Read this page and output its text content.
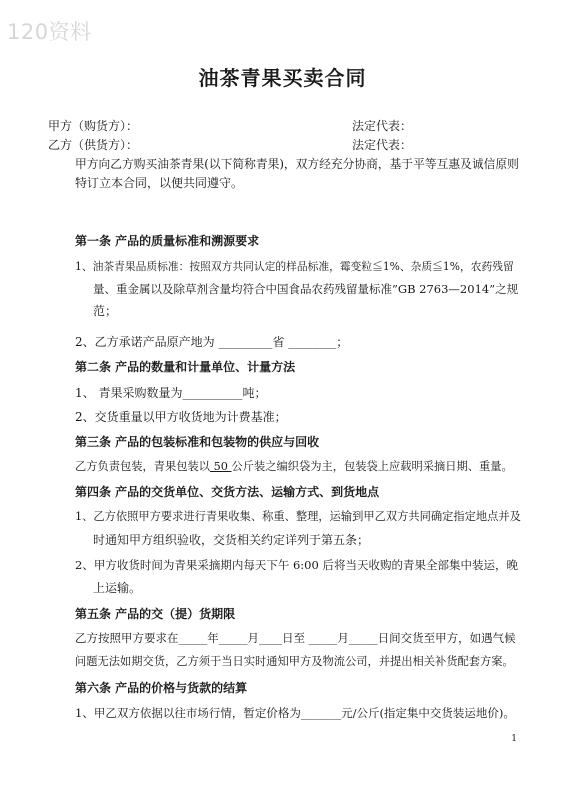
120资料
油茶青果买卖合同
甲方（购货方）：	法定代表：
乙方（供货方）：	法定代表：
甲方向乙方购买油茶青果(以下简称青果)，双方经充分协商，基于平等互惠及诚信原则
特订立本合同，以便共同遵守。
第一条 产品的质量标准和溯源要求
1、油茶青果品质标准：按照双方共同认定的样品标准，霉变粒≦1%、杂质≦1%，农药残留
量、重金属以及除草剂含量均符合中国食品农药残留量标准”GB 2763—2014”之规
范；
2、乙方承诺产品原产地为 _________省 ________；
第二条 产品的数量和计量单位、计量方法
1、 青果采购数量为__________吨；
2、交货重量以甲方收货地为计费基准；
第三条 产品的包装标准和包装物的供应与回收
乙方负责包装，青果包装以 50 公斤装之编织袋为主，包装袋上应载明采摘日期、重量。
第四条 产品的交货单位、交货方法、运输方式、到货地点
1、乙方依照甲方要求进行青果收集、称重、整理，运输到甲乙双方共同确定指定地点并及
时通知甲方组织验收，交货相关约定详列于第五条；
2、甲方收货时间为青果采摘期内每天下午 6:00 后将当天收购的青果全部集中装运，晚
上运输。
第五条 产品的交（提）货期限
乙方按照甲方要求在_____年_____月____日至 _____月_____日间交货至甲方，如遇气候
问题无法如期交货，乙方须于当日实时通知甲方及物流公司，并提出相关补货配套方案。
第六条 产品的价格与货款的结算
1、甲乙双方依据以往市场行情，暂定价格为_______元/公斤(指定集中交货装运地价)。
1
